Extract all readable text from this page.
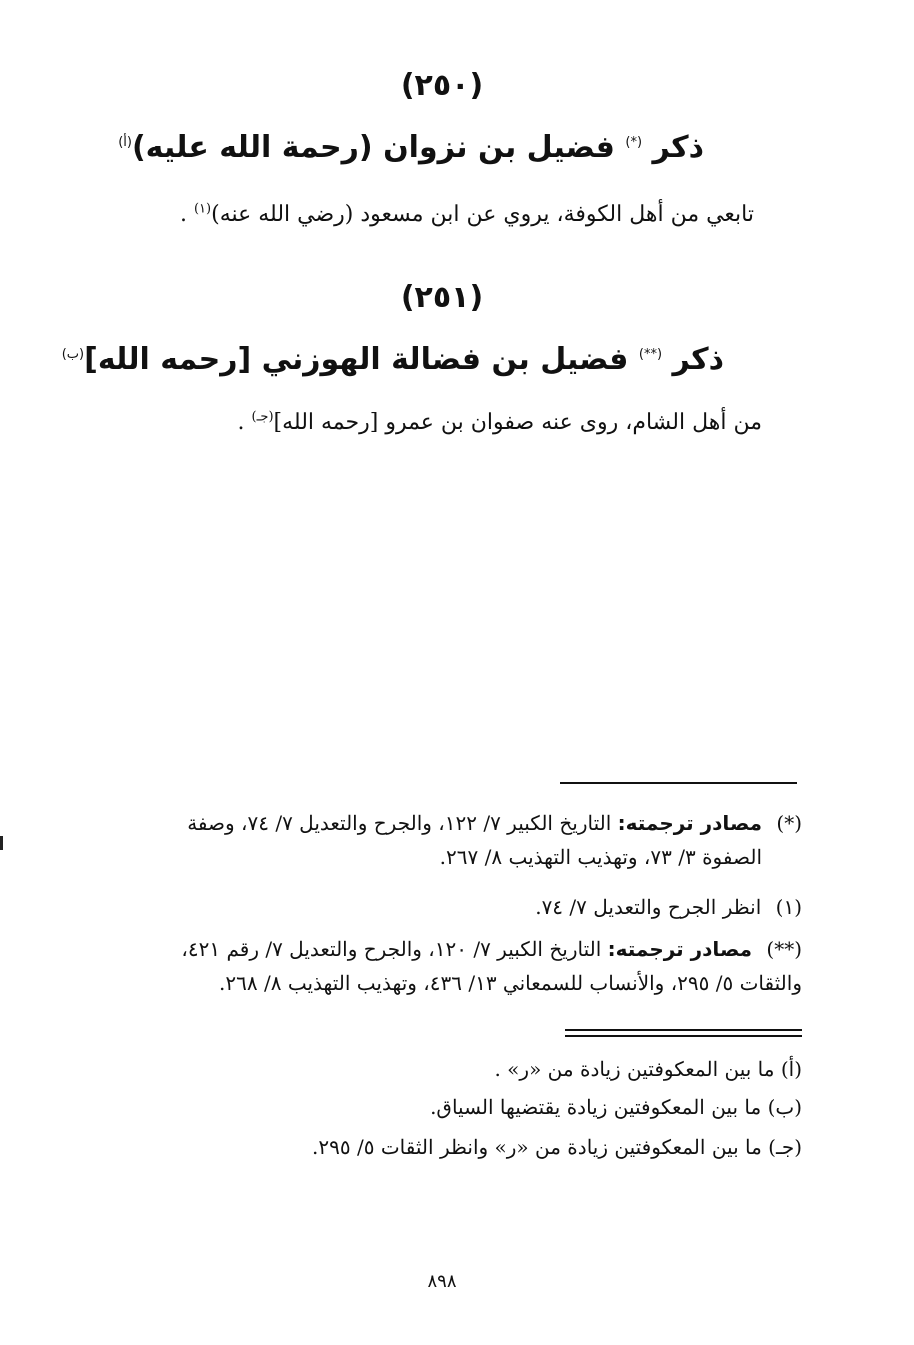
(٢٥٠)
ذكر (*) فضيل بن نزوان (رحمة الله عليه)$^{(أ)}$
تابعي من أهل الكوفة، يروي عن ابن مسعود (رضي الله عنه)$^{(١)}$ .
(٢٥١)
ذكر (**) فضيل بن فضالة الهوزني [رحمه الله]$^{(ب)}$
من أهل الشام، روى عنه صفوان بن عمرو [رحمه الله]$^{(جـ)}$ .
(*) مصادر ترجمته: التاريخ الكبير ٧/ ١٢٢، والجرح والتعديل ٧/ ٧٤، وصفة
الصفوة ٣/ ٧٣، وتهذيب التهذيب ٨/ ٢٦٧.
(١) انظر الجرح والتعديل ٧/ ٧٤.
(**) مصادر ترجمته: التاريخ الكبير ٧/ ١٢٠، والجرح والتعديل ٧/ رقم ٤٢١،
والثقات ٥/ ٢٩٥، والأنساب للسمعاني ١٣/ ٤٣٦، وتهذيب التهذيب ٨/ ٢٦٨.
(أ) ما بين المعكوفتين زيادة من «ر» .
(ب) ما بين المعكوفتين زيادة يقتضيها السياق.
(جـ) ما بين المعكوفتين زيادة من «ر» وانظر الثقات ٥/ ٢٩٥.
٨٩٨
